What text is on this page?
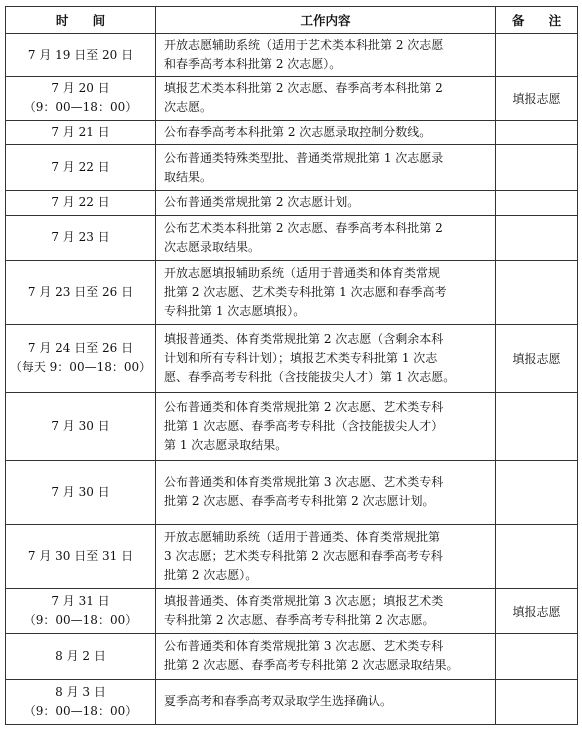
时 间	工作内容	备 注

7 月 19 日至 20 日	开放志愿辅助系统（适用于艺术类本科批第 2 次志愿
和春季高考本科批第 2 次志愿）。	

7 月 20 日
（9：00—18：00）	填报艺术类本科批第 2 次志愿、春季高考本科批第 2
次志愿。	填报志愿

7 月 21 日	公布春季高考本科批第 2 次志愿录取控制分数线。	

7 月 22 日	公布普通类特殊类型批、普通类常规批第 1 次志愿录
取结果。	

7 月 22 日	公布普通类常规批第 2 次志愿计划。	

7 月 23 日	公布艺术类本科批第 2 次志愿、春季高考本科批第 2
次志愿录取结果。	

7 月 23 日至 26 日	开放志愿填报辅助系统（适用于普通类和体育类常规
批第 2 次志愿、艺术类专科批第 1 次志愿和春季高考
专科批第 1 次志愿填报）。	

7 月 24 日至 26 日
（每天 9：00—18：00）	填报普通类、体育类常规批第 2 次志愿（含剩余本科
计划和所有专科计划）；填报艺术类专科批第 1 次志
愿、春季高考专科批（含技能拔尖人才）第 1 次志愿。	填报志愿

7 月 30 日	公布普通类和体育类常规批第 2 次志愿、艺术类专科
批第 1 次志愿、春季高考专科批（含技能拔尖人才）
第 1 次志愿录取结果。	

7 月 30 日	公布普通类和体育类常规批第 3 次志愿、艺术类专科
批第 2 次志愿、春季高考专科批第 2 次志愿计划。	

7 月 30 日至 31 日	开放志愿辅助系统（适用于普通类、体育类常规批第
3 次志愿；艺术类专科批第 2 次志愿和春季高考专科
批第 2 次志愿）。	

7 月 31 日
（9：00—18：00）	填报普通类、体育类常规批第 3 次志愿；填报艺术类
专科批第 2 次志愿、春季高考专科批第 2 次志愿。	填报志愿

8 月 2 日	公布普通类和体育类常规批第 3 次志愿、艺术类专科
批第 2 次志愿、春季高考专科批第 2 次志愿录取结果。	

8 月 3 日
（9：00—18：00）	夏季高考和春季高考双录取学生选择确认。	
